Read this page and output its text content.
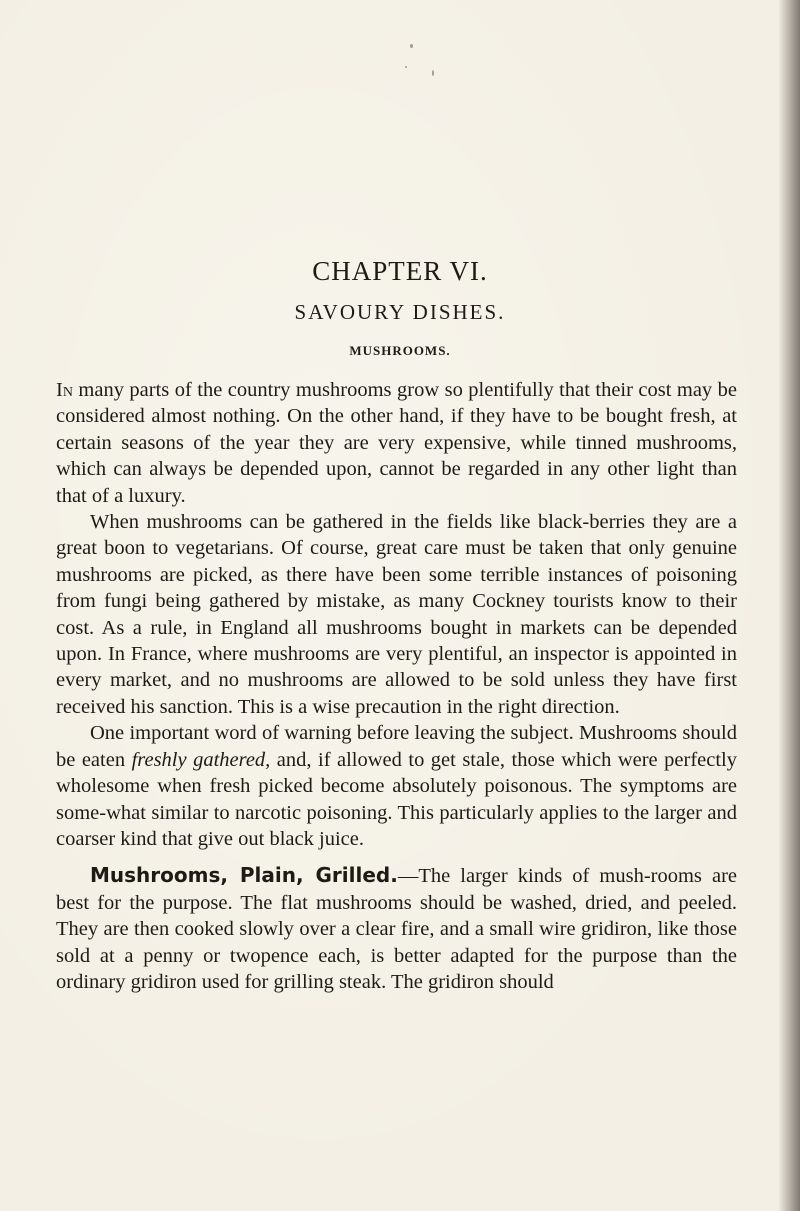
CHAPTER VI.
SAVOURY DISHES.
MUSHROOMS.

In many parts of the country mushrooms grow so plentifully that their cost may be considered almost nothing. On the other hand, if they have to be bought fresh, at certain seasons of the year they are very expensive, while tinned mushrooms, which can always be depended upon, cannot be regarded in any other light than that of a luxury.

When mushrooms can be gathered in the fields like black-berries they are a great boon to vegetarians. Of course, great care must be taken that only genuine mushrooms are picked, as there have been some terrible instances of poisoning from fungi being gathered by mistake, as many Cockney tourists know to their cost. As a rule, in England all mushrooms bought in markets can be depended upon. In France, where mushrooms are very plentiful, an inspector is appointed in every market, and no mushrooms are allowed to be sold unless they have first received his sanction. This is a wise precaution in the right direction.

One important word of warning before leaving the subject. Mushrooms should be eaten freshly gathered, and, if allowed to get stale, those which were perfectly wholesome when fresh picked become absolutely poisonous. The symptoms are some-what similar to narcotic poisoning. This particularly applies to the larger and coarser kind that give out black juice.

Mushrooms, Plain, Grilled.—The larger kinds of mush-rooms are best for the purpose. The flat mushrooms should be washed, dried, and peeled. They are then cooked slowly over a clear fire, and a small wire gridiron, like those sold at a penny or twopence each, is better adapted for the purpose than the ordinary gridiron used for grilling steak. The gridiron should
